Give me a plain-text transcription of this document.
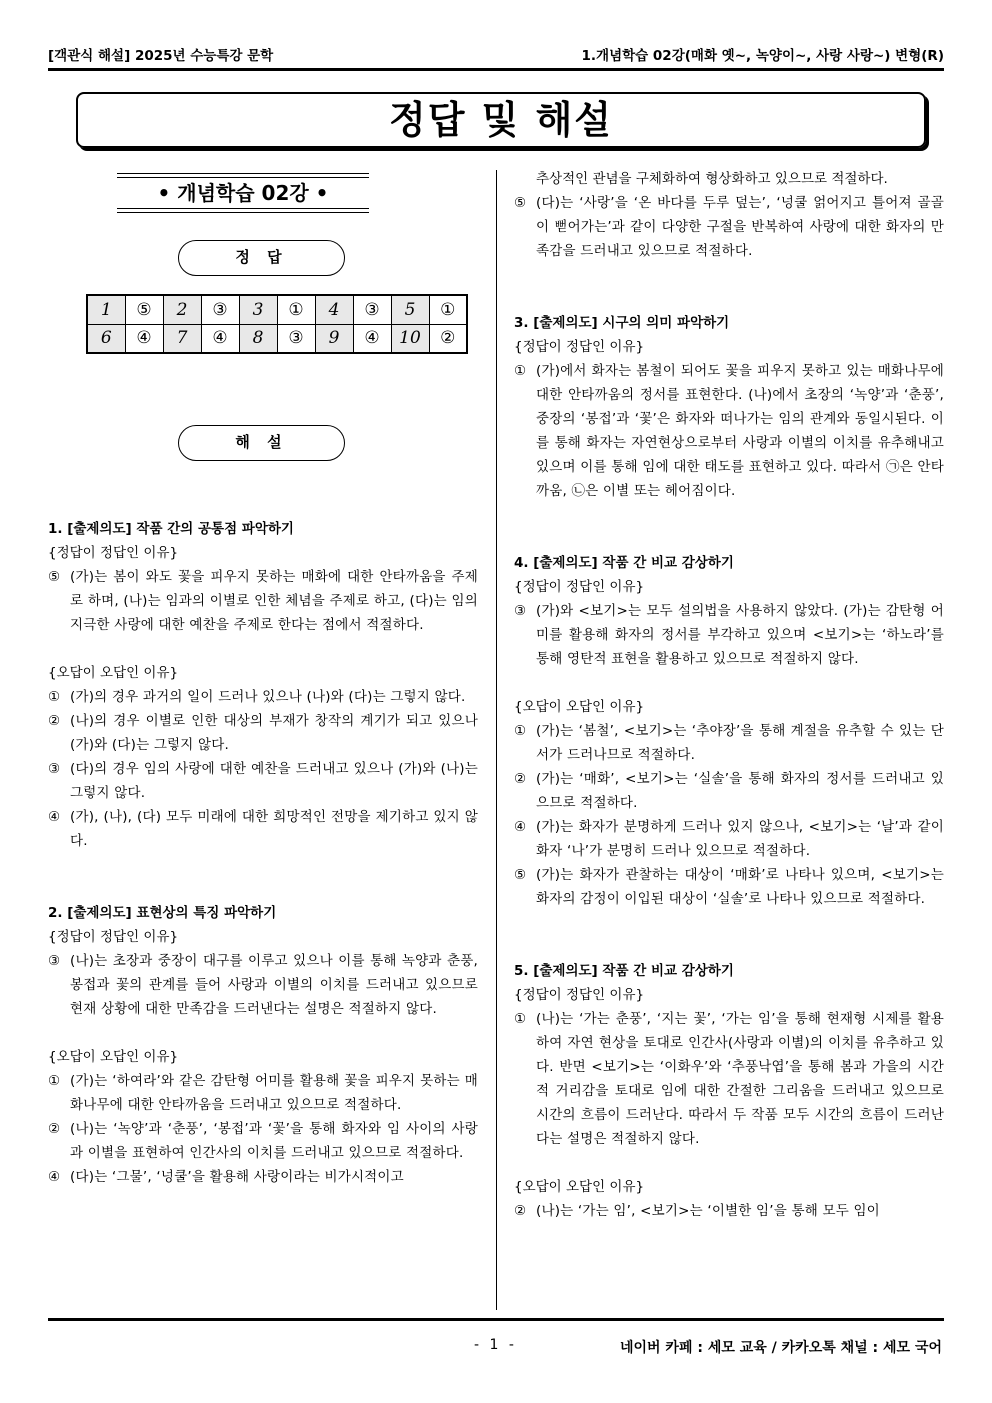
[객관식 해설] 2025년 수능특강 문학	1.개념학습 02강(매화 옛~, 녹양이~, 사랑 사랑~) 변형(R)
정답 및 해설
• 개념학습 02강 •
정 답
1	⑤	2	③	3	①	4	③	5	①
6	④	7	④	8	③	9	④	10	②
해 설
1. [출제의도] 작품 간의 공통점 파악하기
{정답이 정답인 이유}
⑤ (가)는 봄이 와도 꽃을 피우지 못하는 매화에 대한 안타까움을 주제로 하며, (나)는 임과의 이별로 인한 체념을 주제로 하고, (다)는 임의 지극한 사랑에 대한 예찬을 주제로 한다는 점에서 적절하다.
{오답이 오답인 이유}
① (가)의 경우 과거의 일이 드러나 있으나 (나)와 (다)는 그렇지 않다.
② (나)의 경우 이별로 인한 대상의 부재가 창작의 계기가 되고 있으나 (가)와 (다)는 그렇지 않다.
③ (다)의 경우 임의 사랑에 대한 예찬을 드러내고 있으나 (가)와 (나)는 그렇지 않다.
④ (가), (나), (다) 모두 미래에 대한 희망적인 전망을 제기하고 있지 않다.
2. [출제의도] 표현상의 특징 파악하기
{정답이 정답인 이유}
③ (나)는 초장과 중장이 대구를 이루고 있으나 이를 통해 녹양과 춘풍, 봉접과 꽃의 관계를 들어 사랑과 이별의 이치를 드러내고 있으므로 현재 상황에 대한 만족감을 드러낸다는 설명은 적절하지 않다.
{오답이 오답인 이유}
① (가)는 ‘하여라’와 같은 감탄형 어미를 활용해 꽃을 피우지 못하는 매화나무에 대한 안타까움을 드러내고 있으므로 적절하다.
② (나)는 ‘녹양’과 ‘춘풍’, ‘봉접’과 ‘꽃’을 통해 화자와 임 사이의 사랑과 이별을 표현하여 인간사의 이치를 드러내고 있으므로 적절하다.
④ (다)는 ‘그물’, ‘넝쿨’을 활용해 사랑이라는 비가시적이고
추상적인 관념을 구체화하여 형상화하고 있으므로 적절하다.
⑤ (다)는 ‘사랑’을 ‘온 바다를 두루 덮는’, ‘넝쿨 얽어지고 틀어져 골골이 뻗어가는’과 같이 다양한 구절을 반복하여 사랑에 대한 화자의 만족감을 드러내고 있으므로 적절하다.
3. [출제의도] 시구의 의미 파악하기
{정답이 정답인 이유}
① (가)에서 화자는 봄철이 되어도 꽃을 피우지 못하고 있는 매화나무에 대한 안타까움의 정서를 표현한다. (나)에서 초장의 ‘녹양’과 ‘춘풍’, 중장의 ‘봉접’과 ‘꽃’은 화자와 떠나가는 임의 관계와 동일시된다. 이를 통해 화자는 자연현상으로부터 사랑과 이별의 이치를 유추해내고 있으며 이를 통해 임에 대한 태도를 표현하고 있다. 따라서 ㉠은 안타까움, ㉡은 이별 또는 헤어짐이다.
4. [출제의도] 작품 간 비교 감상하기
{정답이 정답인 이유}
③ (가)와 <보기>는 모두 설의법을 사용하지 않았다. (가)는 감탄형 어미를 활용해 화자의 정서를 부각하고 있으며 <보기>는 ‘하노라’를 통해 영탄적 표현을 활용하고 있으므로 적절하지 않다.
{오답이 오답인 이유}
① (가)는 ‘봄철’, <보기>는 ‘추야장’을 통해 계절을 유추할 수 있는 단서가 드러나므로 적절하다.
② (가)는 ‘매화’, <보기>는 ‘실솔’을 통해 화자의 정서를 드러내고 있으므로 적절하다.
④ (가)는 화자가 분명하게 드러나 있지 않으나, <보기>는 ‘날’과 같이 화자 ‘나’가 분명히 드러나 있으므로 적절하다.
⑤ (가)는 화자가 관찰하는 대상이 ‘매화’로 나타나 있으며, <보기>는 화자의 감정이 이입된 대상이 ‘실솔’로 나타나 있으므로 적절하다.
5. [출제의도] 작품 간 비교 감상하기
{정답이 정답인 이유}
① (나)는 ‘가는 춘풍’, ‘지는 꽃’, ‘가는 임’을 통해 현재형 시제를 활용하여 자연 현상을 토대로 인간사(사랑과 이별)의 이치를 유추하고 있다. 반면 <보기>는 ‘이화우’와 ‘추풍낙엽’을 통해 봄과 가을의 시간적 거리감을 토대로 임에 대한 간절한 그리움을 드러내고 있으므로 시간의 흐름이 드러난다. 따라서 두 작품 모두 시간의 흐름이 드러난다는 설명은 적절하지 않다.
{오답이 오답인 이유}
② (나)는 ‘가는 임’, <보기>는 ‘이별한 임’을 통해 모두 임이
- 1 -	네이버 카페 : 세모 교육 / 카카오톡 채널 : 세모 국어
